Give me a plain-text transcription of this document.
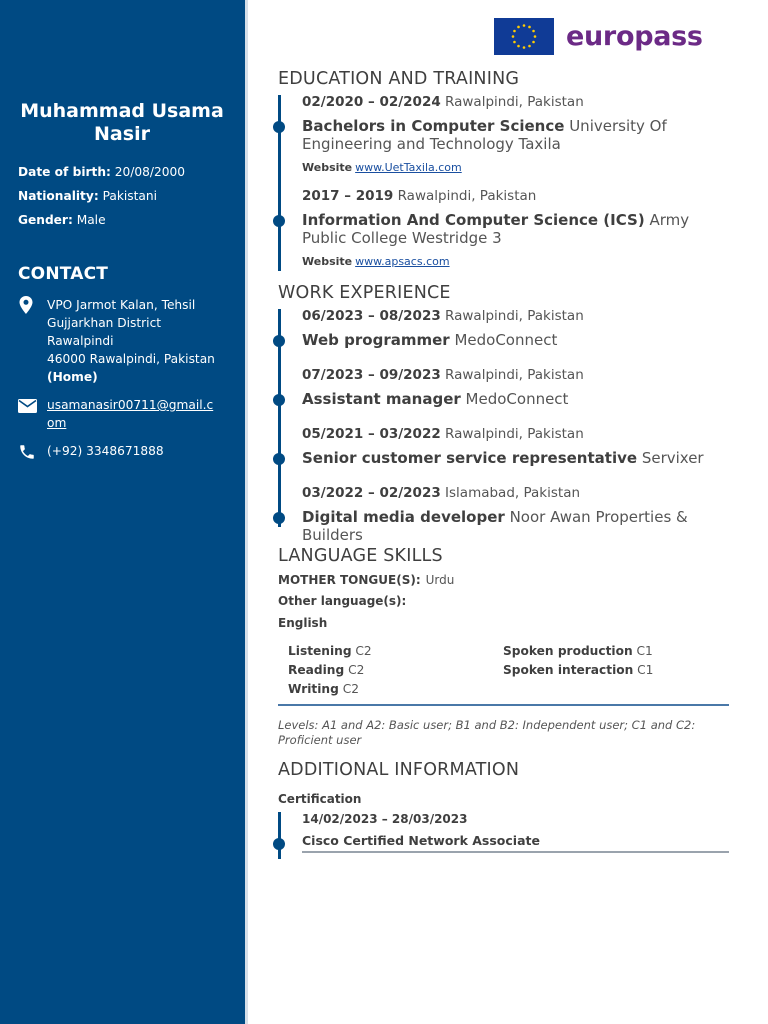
Muhammad Usama Nasir
Date of birth: 20/08/2000
Nationality: Pakistani
Gender: Male
CONTACT
VPO Jarmot Kalan, Tehsil
Gujjarkhan District
Rawalpindi
46000 Rawalpindi, Pakistan
(Home)
usamanasir00711@gmail.com
(+92) 3348671888
europass
EDUCATION AND TRAINING
02/2020 – 02/2024 Rawalpindi, Pakistan
Bachelors in Computer Science University Of Engineering and Technology Taxila
Website www.UetTaxila.com
2017 – 2019 Rawalpindi, Pakistan
Information And Computer Science (ICS) Army Public College Westridge 3
Website www.apsacs.com
WORK EXPERIENCE
06/2023 – 08/2023 Rawalpindi, Pakistan
Web programmer MedoConnect
07/2023 – 09/2023 Rawalpindi, Pakistan
Assistant manager MedoConnect
05/2021 – 03/2022 Rawalpindi, Pakistan
Senior customer service representative Servixer
03/2022 – 02/2023 Islamabad, Pakistan
Digital media developer Noor Awan Properties & Builders
LANGUAGE SKILLS
MOTHER TONGUE(S): Urdu
Other language(s):
English
Listening C2
Reading C2
Writing C2
Spoken production C1
Spoken interaction C1
Levels: A1 and A2: Basic user; B1 and B2: Independent user; C1 and C2: Proficient user
ADDITIONAL INFORMATION
Certification
14/02/2023 – 28/03/2023
Cisco Certified Network Associate
